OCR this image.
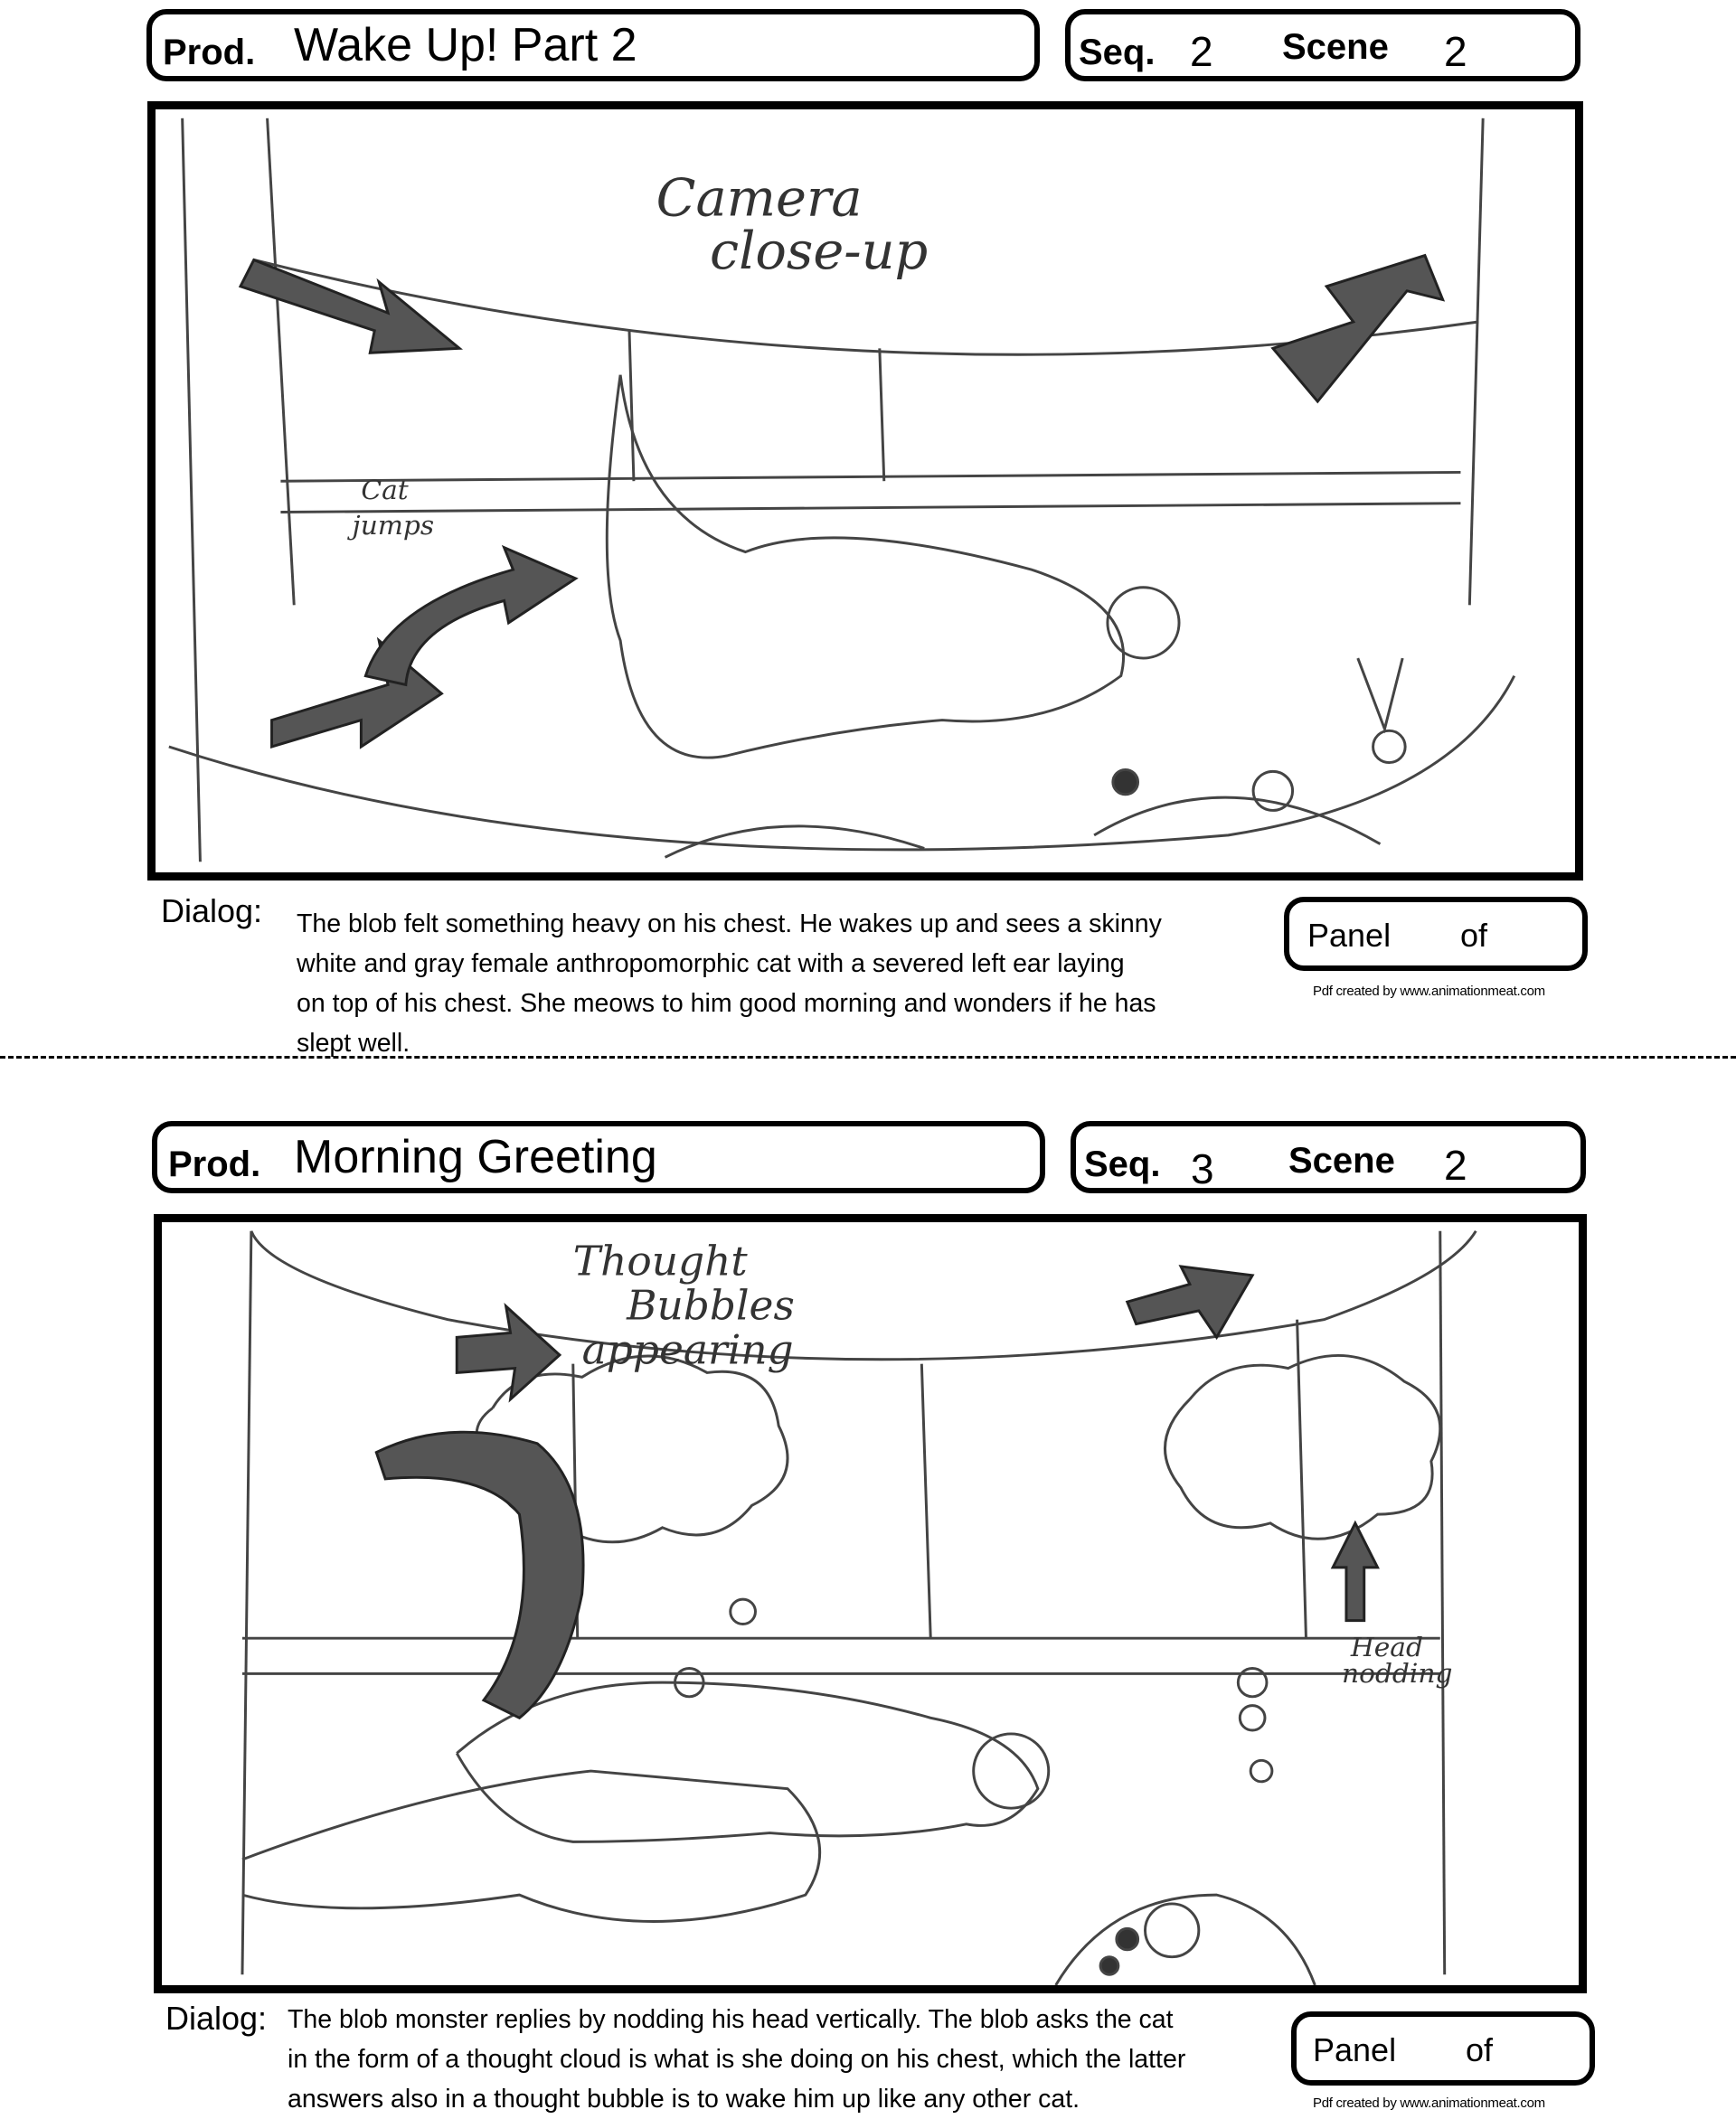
Prod. Wake Up! Part 2	Seq. 2 Scene 2
Camera
close-up
Cat
jumps
Dialog: The blob felt something heavy on his chest. He wakes up and sees a skinny
white and gray female anthropomorphic cat with a severed left ear laying
on top of his chest. She meows to him good morning and wonders if he has
slept well.
Panel of
Pdf created by www.animationmeat.com
Prod. Morning Greeting	Seq. 3 Scene 2
Thought
Bubbles
appearing
Head
nodding
Dialog: The blob monster replies by nodding his head vertically. The blob asks the cat
in the form of a thought cloud is what is she doing on his chest, which the latter
answers also in a thought bubble is to wake him up like any other cat.
Panel of
Pdf created by www.animationmeat.com
